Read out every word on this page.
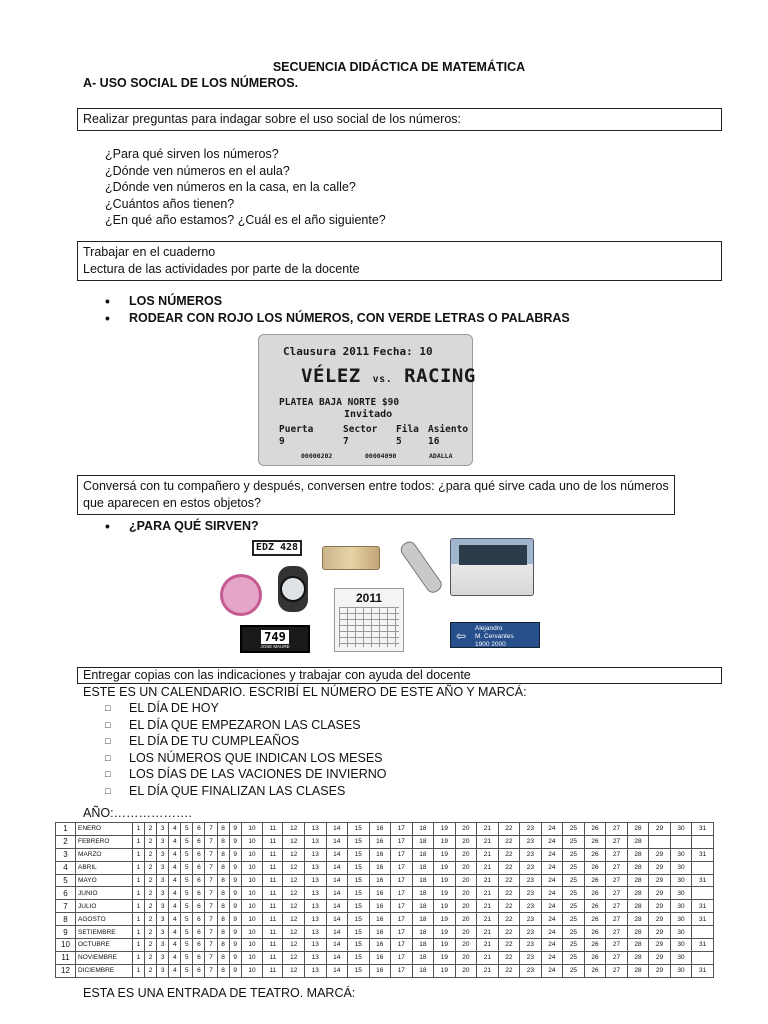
SECUENCIA DIDÁCTICA DE MATEMÁTICA
A- USO SOCIAL DE LOS NÚMEROS.
Realizar preguntas para indagar sobre el uso social de los números:
¿Para qué sirven los números?
¿Dónde ven números en el aula?
¿Dónde ven números en la casa, en la calle?
¿Cuántos años tienen?
¿En qué año estamos? ¿Cuál es el año siguiente?
Trabajar en el cuaderno
Lectura de las actividades por parte de la docente
• LOS NÚMEROS
• RODEAR CON ROJO LOS NÚMEROS, CON VERDE LETRAS O PALABRAS
Clausura 2011 Fecha: 10
VÉLEZ vs. RACING
PLATEA BAJA NORTE $90
Invitado
Puerta	Sector Fila Asiento
9	7	5	16
00000202	00004090	ADALLA
Conversá con tu compañero y después, conversen entre todos: ¿para qué sirve cada uno de los números que aparecen en estos objetos?
• ¿PARA QUÉ SIRVEN?
EDZ 428
2011
749
JOSE MAURE
⇦
Alejandro
M. Cervantes
1900 2000
Entregar copias con las indicaciones y trabajar con ayuda del docente
ESTE ES UN CALENDARIO. ESCRIBÍ EL NÚMERO DE ESTE AÑO Y MARCÁ:
□ EL DÍA DE HOY
□ EL DÍA QUE EMPEZARON LAS CLASES
□ EL DÍA DE TU CUMPLEAÑOS
□ LOS NÚMEROS QUE INDICAN LOS MESES
□ LOS DÍAS DE LAS VACIONES DE INVIERNO
□ EL DÍA QUE FINALIZAN LAS CLASES
AÑO:……………….
1	ENERO	1	2	3	4	5	6	7	8	9	10	11	12	13	14	15	16	17	18	19	20	21	22	23	24	25	26	27	28	29	30	31
2	FEBRERO	1	2	3	4	5	6	7	8	9	10	11	12	13	14	15	16	17	18	19	20	21	22	23	24	25	26	27	28			
3	MARZO	1	2	3	4	5	6	7	8	9	10	11	12	13	14	15	16	17	18	19	20	21	22	23	24	25	26	27	28	29	30	31
4	ABRIL	1	2	3	4	5	6	7	8	9	10	11	12	13	14	15	16	17	18	19	20	21	22	23	24	25	26	27	28	29	30	
5	MAYO	1	2	3	4	5	6	7	8	9	10	11	12	13	14	15	16	17	18	19	20	21	22	23	24	25	26	27	28	29	30	31
6	JUNIO	1	2	3	4	5	6	7	8	9	10	11	12	13	14	15	16	17	18	19	20	21	22	23	24	25	26	27	28	29	30	
7	JULIO	1	2	3	4	5	6	7	8	9	10	11	12	13	14	15	16	17	18	19	20	21	22	23	24	25	26	27	28	29	30	31
8	AGOSTO	1	2	3	4	5	6	7	8	9	10	11	12	13	14	15	16	17	18	19	20	21	22	23	24	25	26	27	28	29	30	31
9	SETIEMBRE	1	2	3	4	5	6	7	8	9	10	11	12	13	14	15	16	17	18	19	20	21	22	23	24	25	26	27	28	29	30	
10	OCTUBRE	1	2	3	4	5	6	7	8	9	10	11	12	13	14	15	16	17	18	19	20	21	22	23	24	25	26	27	28	29	30	31
11	NOVIEMBRE	1	2	3	4	5	6	7	8	9	10	11	12	13	14	15	16	17	18	19	20	21	22	23	24	25	26	27	28	29	30	
12	DICIEMBRE	1	2	3	4	5	6	7	8	9	10	11	12	13	14	15	16	17	18	19	20	21	22	23	24	25	26	27	28	29	30	31
ESTA ES UNA ENTRADA DE TEATRO. MARCÁ:
